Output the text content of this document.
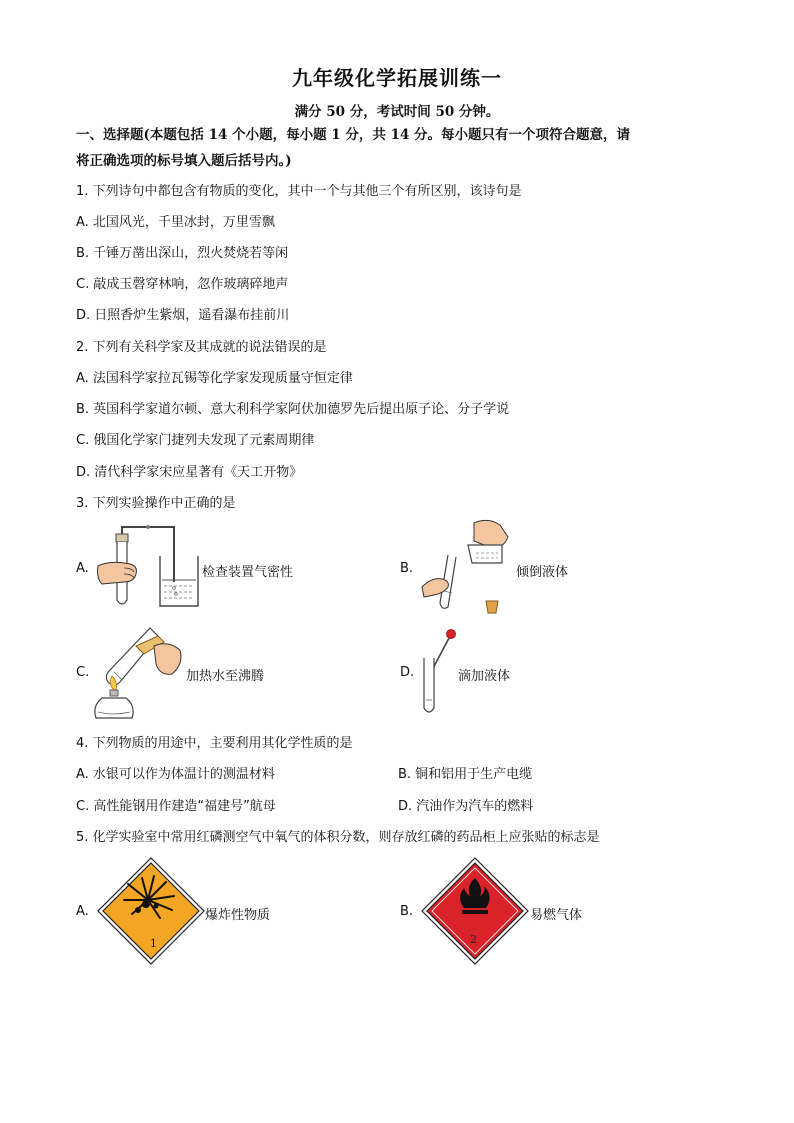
九年级化学拓展训练一
满分 50 分，考试时间 50 分钟。
一、选择题(本题包括 14 个小题，每小题 1 分，共 14 分。每小题只有一个项符合题意，请
将正确选项的标号填入题后括号内。)
1. 下列诗句中都包含有物质的变化，其中一个与其他三个有所区别，该诗句是
A. 北国风光，千里冰封，万里雪飘
B. 千锤万凿出深山，烈火焚烧若等闲
C. 敲成玉磬穿林响，忽作玻璃碎地声
D. 日照香炉生紫烟，遥看瀑布挂前川
2. 下列有关科学家及其成就的说法错误的是
A. 法国科学家拉瓦锡等化学家发现质量守恒定律
B. 英国科学家道尔顿、意大利科学家阿伏加德罗先后提出原子论、分子学说
C. 俄国化学家门捷列夫发现了元素周期律
D. 清代科学家宋应星著有《天工开物》
3. 下列实验操作中正确的是
A.	检查装置气密性	B.	倾倒液体
C.	加热水至沸腾	D.	滴加液体
4. 下列物质的用途中，主要利用其化学性质的是
A. 水银可以作为体温计的测温材料	B. 铜和铝用于生产电缆
C. 高性能钢用作建造“福建号”航母	D. 汽油作为汽车的燃料
5. 化学实验室中常用红磷测空气中氧气的体积分数，则存放红磷的药品柜上应张贴的标志是
A.
1
爆炸性物质	B.
2
易燃气体
